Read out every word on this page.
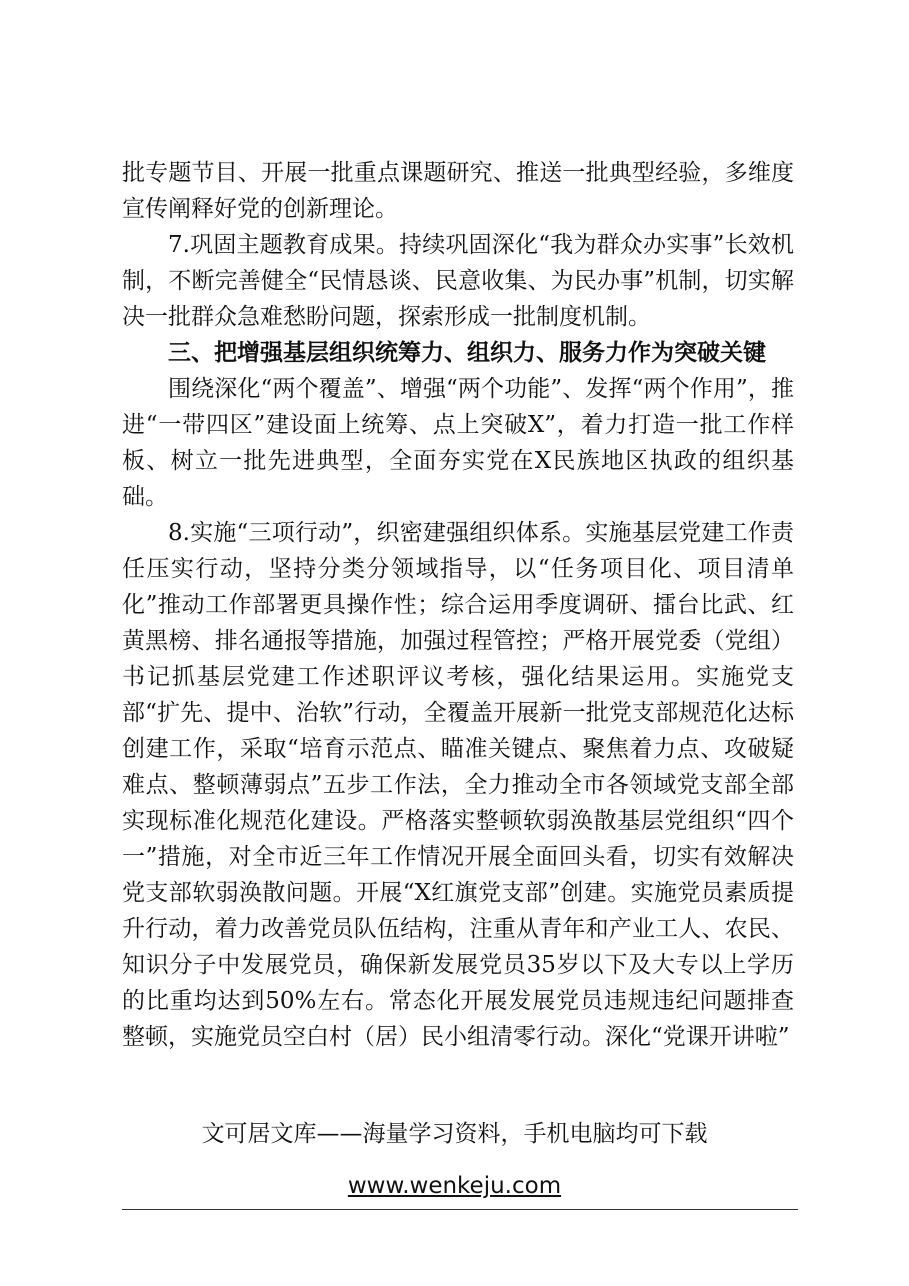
批专题节目、开展一批重点课题研究、推送一批典型经验，多维度宣传阐释好党的创新理论。

7.巩固主题教育成果。持续巩固深化“我为群众办实事”长效机制，不断完善健全“民情恳谈、民意收集、为民办事”机制，切实解决一批群众急难愁盼问题，探索形成一批制度机制。

三、把增强基层组织统筹力、组织力、服务力作为突破关键

围绕深化“两个覆盖”、增强“两个功能”、发挥“两个作用”，推进“一带四区”建设面上统筹、点上突破X”，着力打造一批工作样板、树立一批先进典型，全面夯实党在X民族地区执政的组织基础。

8.实施“三项行动”，织密建强组织体系。实施基层党建工作责任压实行动，坚持分类分领域指导，以“任务项目化、项目清单化”推动工作部署更具操作性；综合运用季度调研、擂台比武、红黄黑榜、排名通报等措施，加强过程管控；严格开展党委（党组）书记抓基层党建工作述职评议考核，强化结果运用。实施党支部“扩先、提中、治软”行动，全覆盖开展新一批党支部规范化达标创建工作，采取“培育示范点、瞄准关键点、聚焦着力点、攻破疑难点、整顿薄弱点”五步工作法，全力推动全市各领域党支部全部实现标准化规范化建设。严格落实整顿软弱涣散基层党组织“四个一”措施，对全市近三年工作情况开展全面回头看，切实有效解决党支部软弱涣散问题。开展“X红旗党支部”创建。实施党员素质提升行动，着力改善党员队伍结构，注重从青年和产业工人、农民、知识分子中发展党员，确保新发展党员35岁以下及大专以上学历的比重均达到50%左右。常态化开展发展党员违规违纪问题排查整顿，实施党员空白村（居）民小组清零行动。深化“党课开讲啦”

文可居文库——海量学习资料，手机电脑均可下载
www.wenkeju.com
